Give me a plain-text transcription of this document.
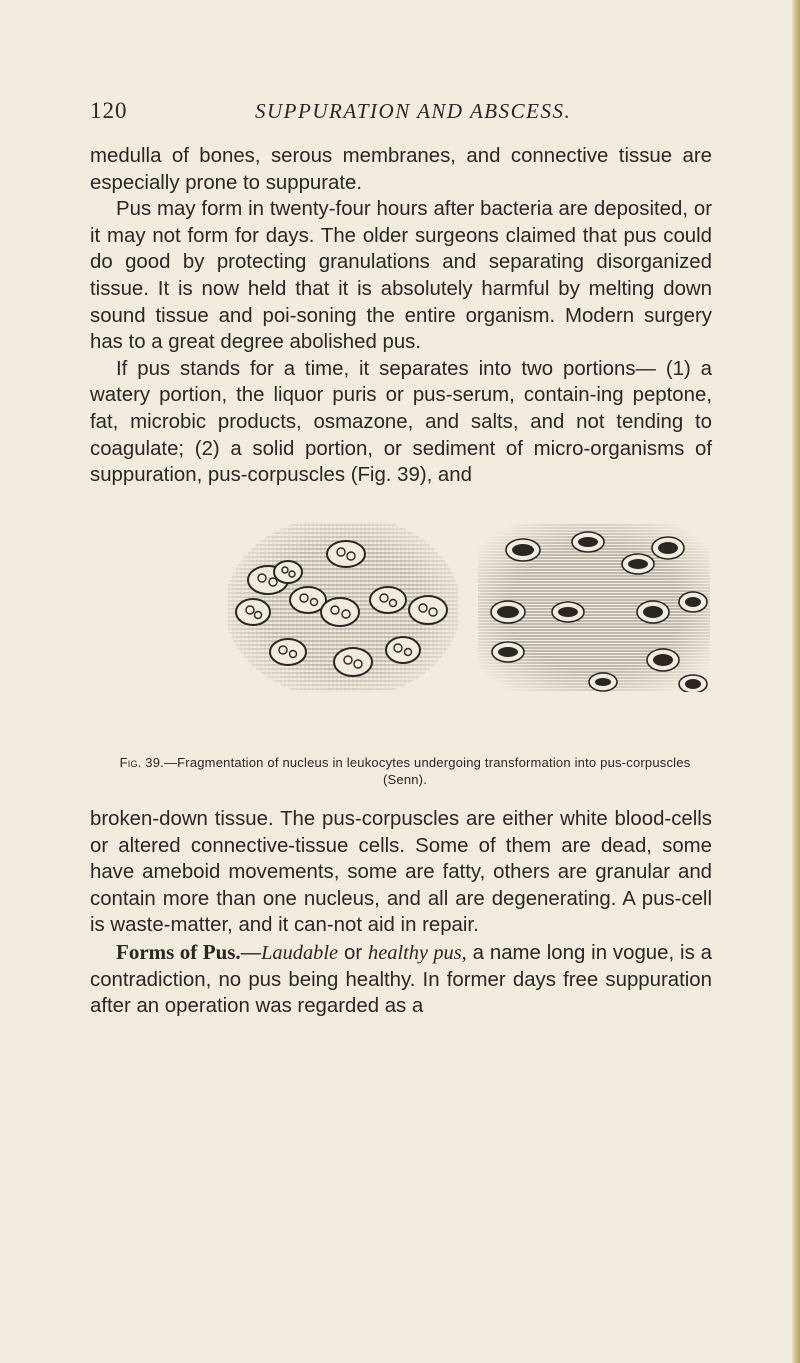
120	SUPPURATION AND ABSCESS.

medulla of bones, serous membranes, and connective tissue are especially prone to suppurate.

Pus may form in twenty-four hours after bacteria are deposited, or it may not form for days. The older surgeons claimed that pus could do good by protecting granulations and separating disorganized tissue. It is now held that it is absolutely harmful by melting down sound tissue and poi-soning the entire organism. Modern surgery has to a great degree abolished pus.

If pus stands for a time, it separates into two portions— (1) a watery portion, the liquor puris or pus-serum, contain-ing peptone, fat, microbic products, osmazone, and salts, and not tending to coagulate; (2) a solid portion, or sediment of micro-organisms of suppuration, pus-corpuscles (Fig. 39), and

Fig. 39.—Fragmentation of nucleus in leukocytes undergoing transformation into pus-corpuscles (Senn).

broken-down tissue. The pus-corpuscles are either white blood-cells or altered connective-tissue cells. Some of them are dead, some have ameboid movements, some are fatty, others are granular and contain more than one nucleus, and all are degenerating. A pus-cell is waste-matter, and it can-not aid in repair.

Forms of Pus.—Laudable or healthy pus, a name long in vogue, is a contradiction, no pus being healthy. In former days free suppuration after an operation was regarded as a
